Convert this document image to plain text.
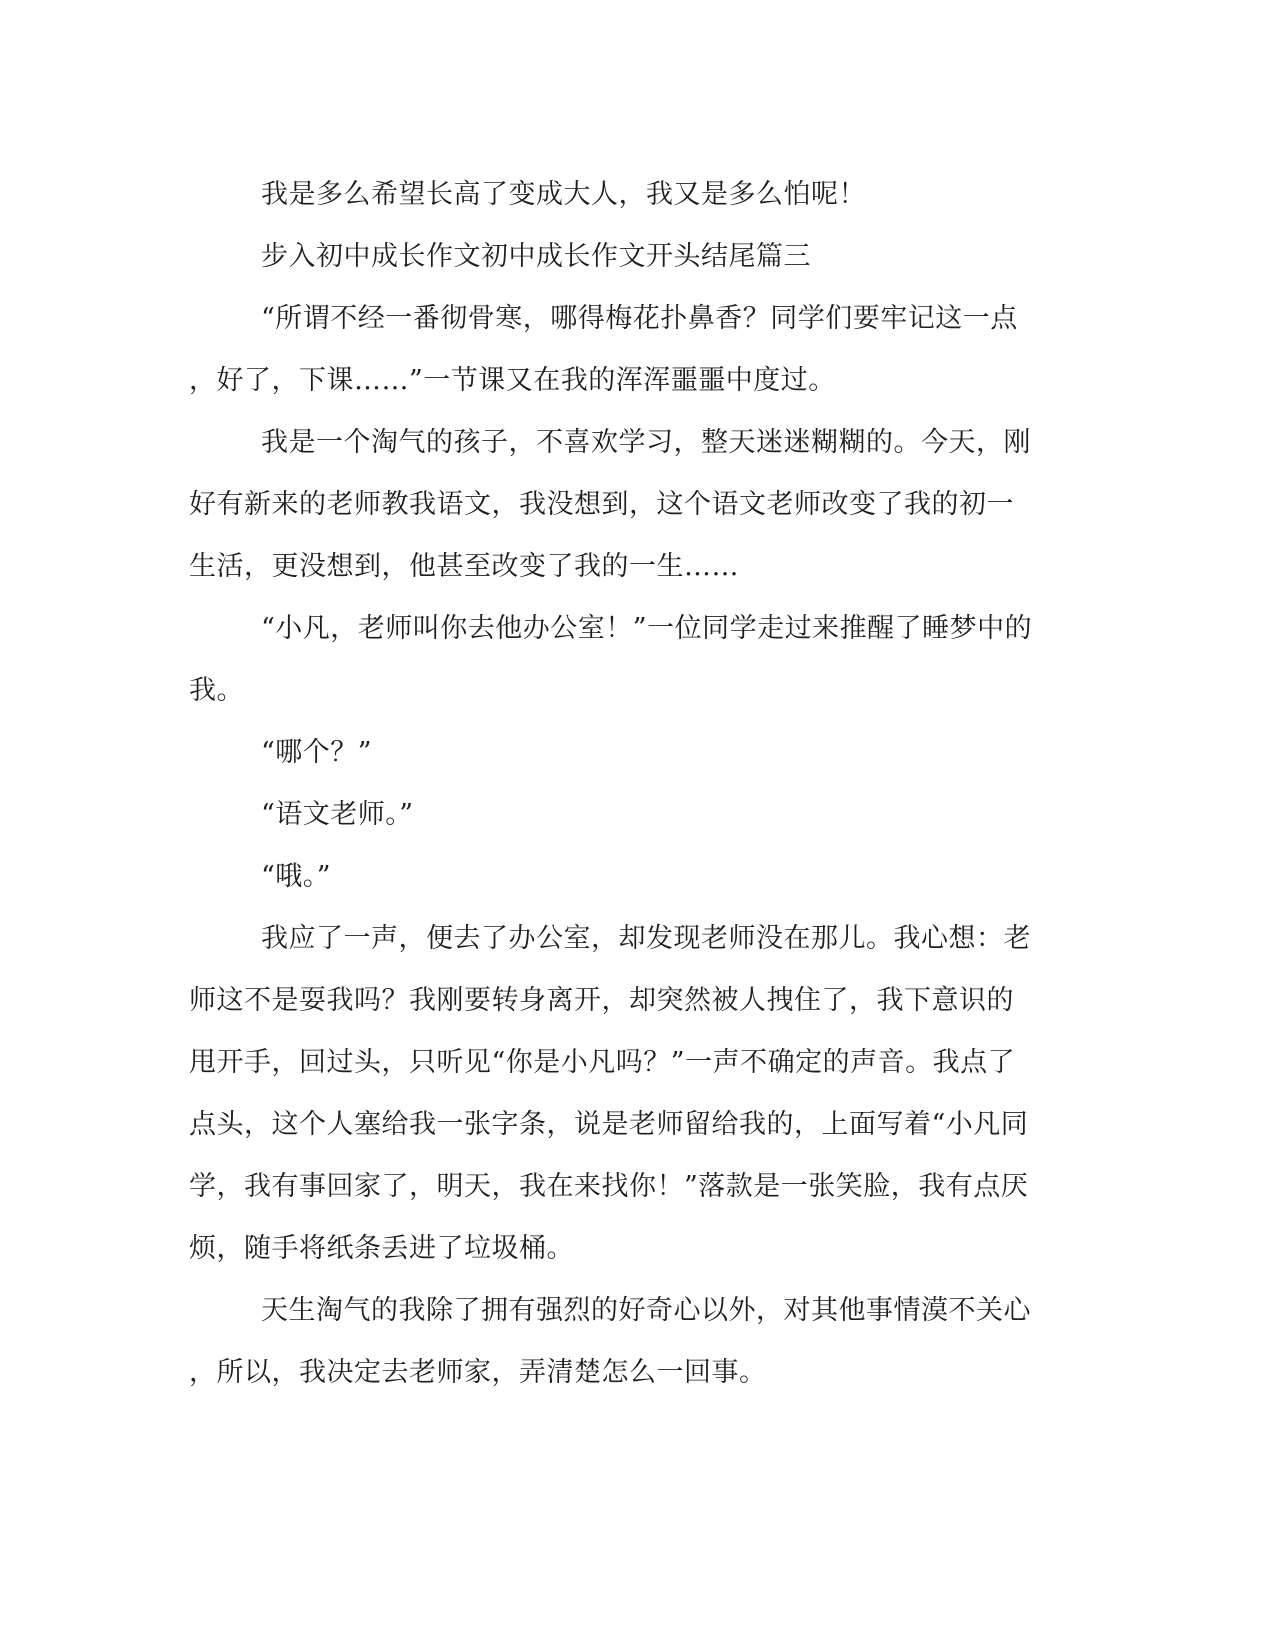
我是多么希望长高了变成大人，我又是多么怕呢！
步入初中成长作文初中成长作文开头结尾篇三
“所谓不经一番彻骨寒，哪得梅花扑鼻香？同学们要牢记这一点
，好了，下课……”一节课又在我的浑浑噩噩中度过。
我是一个淘气的孩子，不喜欢学习，整天迷迷糊糊的。今天，刚
好有新来的老师教我语文，我没想到，这个语文老师改变了我的初一
生活，更没想到，他甚至改变了我的一生……
“小凡，老师叫你去他办公室！”一位同学走过来推醒了睡梦中的
我。
“哪个？”
“语文老师。”
“哦。”
我应了一声，便去了办公室，却发现老师没在那儿。我心想：老
师这不是耍我吗？我刚要转身离开，却突然被人拽住了，我下意识的
甩开手，回过头，只听见“你是小凡吗？”一声不确定的声音。我点了
点头，这个人塞给我一张字条，说是老师留给我的，上面写着“小凡同
学，我有事回家了，明天，我在来找你！”落款是一张笑脸，我有点厌
烦，随手将纸条丢进了垃圾桶。
天生淘气的我除了拥有强烈的好奇心以外，对其他事情漠不关心
，所以，我决定去老师家，弄清楚怎么一回事。
